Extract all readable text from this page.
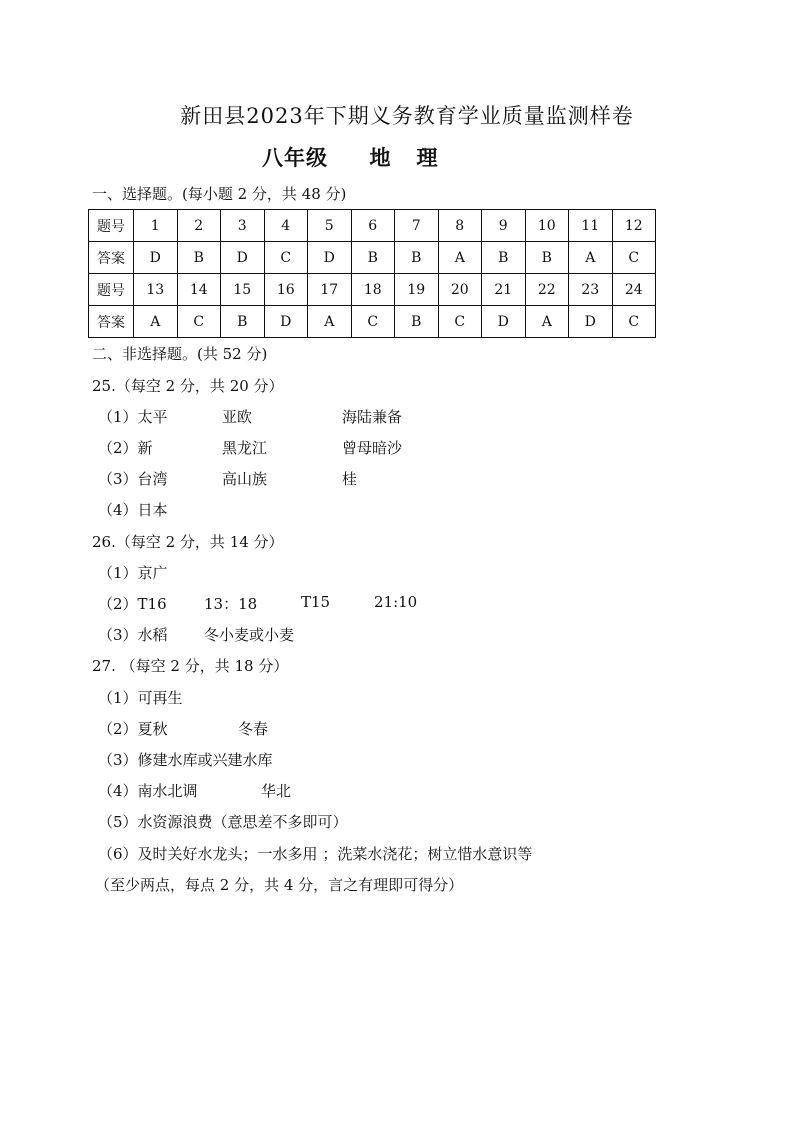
新田县2023年下期义务教育学业质量监测样卷
八年级     地   理
一、选择题。(每小题 2 分，共 48 分)
题号	1	2	3	4	5	6	7	8	9	10	11	12
答案	D	B	D	C	D	B	B	A	B	B	A	C
题号	13	14	15	16	17	18	19	20	21	22	23	24
答案	A	C	B	D	A	C	B	C	D	A	D	C
二、非选择题。(共 52 分)
25.（每空 2 分，共 20 分）
（1）太平	亚欧	海陆兼备
（2）新	黑龙江	曾母暗沙
（3）台湾	高山族	桂
（4）日本
26.（每空 2 分，共 14 分）
（1）京广
（2）T16 13：18	T15	21:10
（3）水稻 冬小麦或小麦
27. （每空 2 分，共 18 分）
（1）可再生
（2）夏秋	冬春
（3）修建水库或兴建水库
（4）南水北调	华北
（5）水资源浪费（意思差不多即可）
（6）及时关好水龙头；一水多用 ；洗菜水浇花；树立惜水意识等
（至少两点，每点 2 分，共 4 分，言之有理即可得分）
